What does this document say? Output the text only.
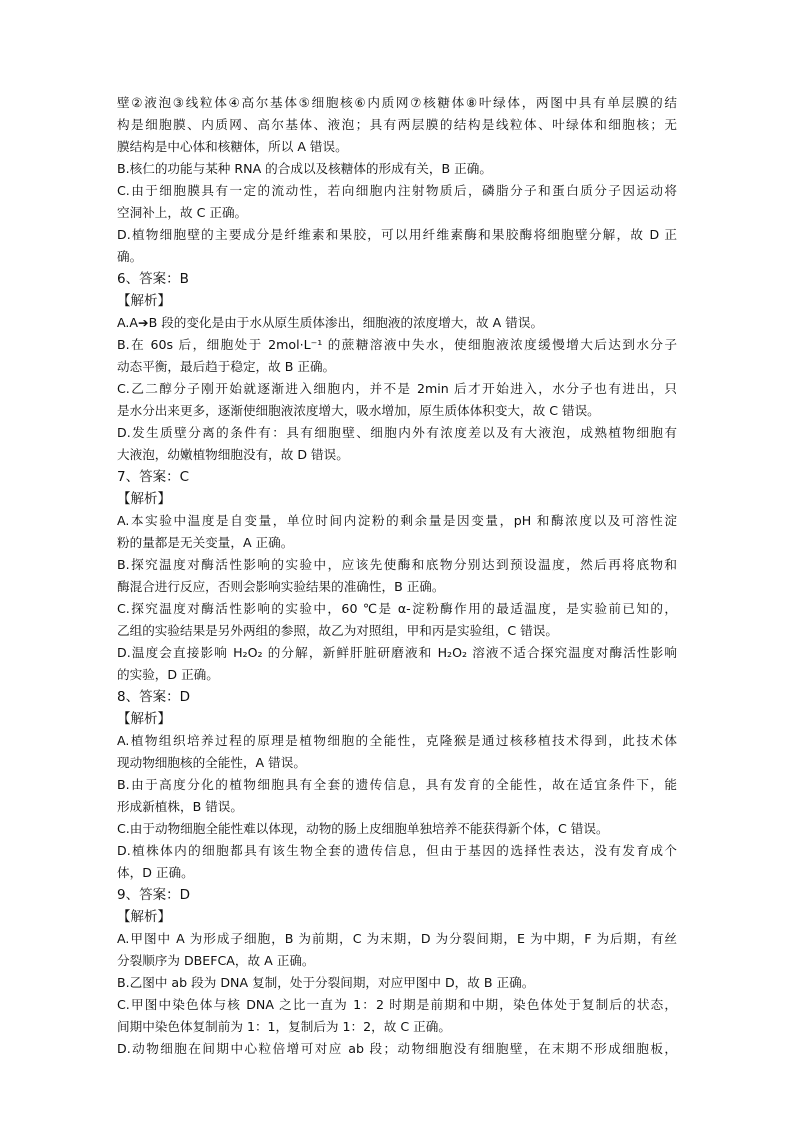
壁②液泡③线粒体④高尔基体⑤细胞核⑥内质网⑦核糖体⑧叶绿体，两图中具有单层膜的结
构是细胞膜、内质网、高尔基体、液泡；具有两层膜的结构是线粒体、叶绿体和细胞核；无
膜结构是中心体和核糖体，所以 A 错误。
B.核仁的功能与某种 RNA 的合成以及核糖体的形成有关，B 正确。
C.由于细胞膜具有一定的流动性，若向细胞内注射物质后，磷脂分子和蛋白质分子因运动将
空洞补上，故 C 正确。
D.植物细胞壁的主要成分是纤维素和果胶，可以用纤维素酶和果胶酶将细胞壁分解，故 D 正
确。
6、答案：B
【解析】
A.A➔B 段的变化是由于水从原生质体渗出，细胞液的浓度增大，故 A 错误。
B.在 60s 后，细胞处于 2mol·L⁻¹ 的蔗糖溶液中失水，使细胞液浓度缓慢增大后达到水分子
动态平衡，最后趋于稳定，故 B 正确。
C.乙二醇分子刚开始就逐渐进入细胞内，并不是 2min 后才开始进入，水分子也有进出，只
是水分出来更多，逐渐使细胞液浓度增大，吸水增加，原生质体体积变大，故 C 错误。
D.发生质壁分离的条件有：具有细胞壁、细胞内外有浓度差以及有大液泡，成熟植物细胞有
大液泡，幼嫩植物细胞没有，故 D 错误。
7、答案：C
【解析】
A.本实验中温度是自变量，单位时间内淀粉的剩余量是因变量，pH 和酶浓度以及可溶性淀
粉的量都是无关变量，A 正确。
B.探究温度对酶活性影响的实验中，应该先使酶和底物分别达到预设温度，然后再将底物和
酶混合进行反应，否则会影响实验结果的准确性，B 正确。
C.探究温度对酶活性影响的实验中，60 ℃是 α-淀粉酶作用的最适温度，是实验前已知的，
乙组的实验结果是另外两组的参照，故乙为对照组，甲和丙是实验组，C 错误。
D.温度会直接影响 H₂O₂ 的分解，新鲜肝脏研磨液和 H₂O₂ 溶液不适合探究温度对酶活性影响
的实验，D 正确。
8、答案：D
【解析】
A.植物组织培养过程的原理是植物细胞的全能性，克隆猴是通过核移植技术得到，此技术体
现动物细胞核的全能性，A 错误。
B.由于高度分化的植物细胞具有全套的遗传信息，具有发育的全能性，故在适宜条件下，能
形成新植株，B 错误。
C.由于动物细胞全能性难以体现，动物的肠上皮细胞单独培养不能获得新个体，C 错误。
D.植株体内的细胞都具有该生物全套的遗传信息，但由于基因的选择性表达，没有发育成个
体，D 正确。
9、答案：D
【解析】
A.甲图中 A 为形成子细胞，B 为前期，C 为末期，D 为分裂间期，E 为中期，F 为后期，有丝
分裂顺序为 DBEFCA，故 A 正确。
B.乙图中 ab 段为 DNA 复制，处于分裂间期，对应甲图中 D，故 B 正确。
C.甲图中染色体与核 DNA 之比一直为 1：2 时期是前期和中期，染色体处于复制后的状态，
间期中染色体复制前为 1：1，复制后为 1：2，故 C 正确。
D.动物细胞在间期中心粒倍增可对应 ab 段；动物细胞没有细胞壁，在末期不形成细胞板，
